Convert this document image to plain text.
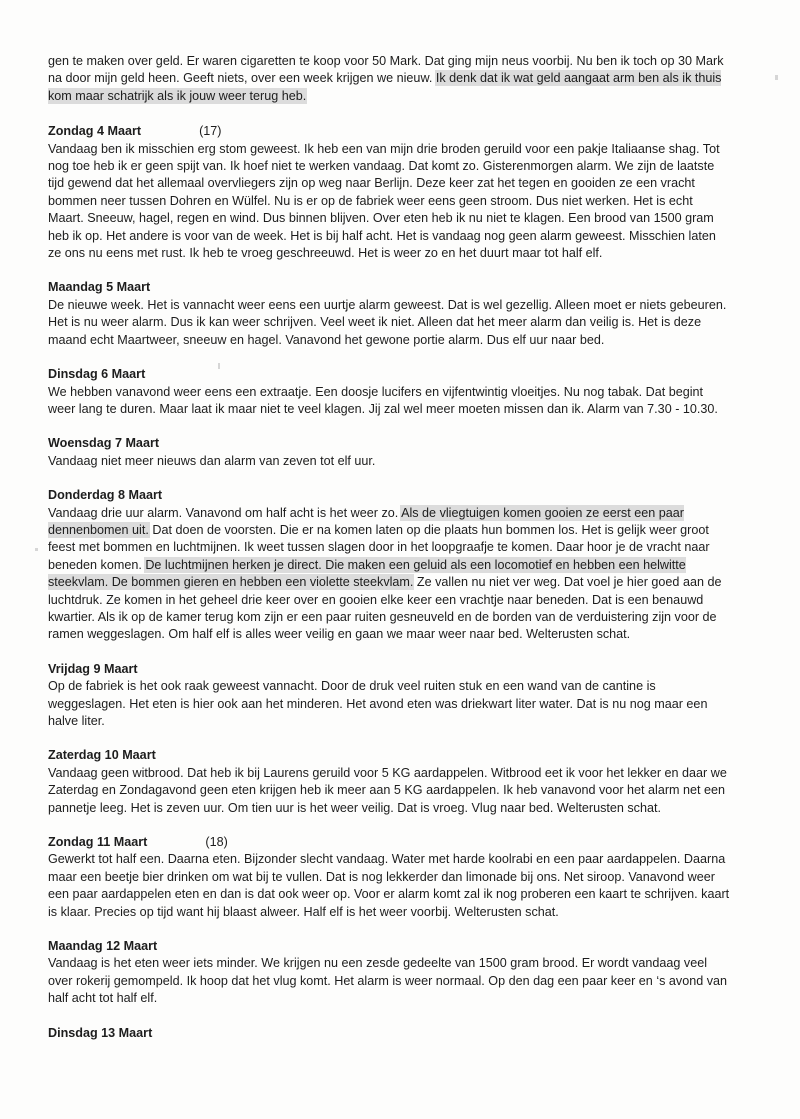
gen te maken over geld. Er waren cigaretten te koop voor 50 Mark. Dat ging mijn neus voorbij. Nu ben ik toch op 30 Mark na door mijn geld heen. Geeft niets, over een week krijgen we nieuw. Ik denk dat ik wat geld aangaat arm ben als ik thuis kom maar schatrijk als ik jouw weer terug heb.

Zondag 4 Maart	(17)

Vandaag ben ik misschien erg stom geweest. Ik heb een van mijn drie broden geruild voor een pakje Italiaanse shag. Tot nog toe heb ik er geen spijt van. Ik hoef niet te werken vandaag. Dat komt zo. Gisterenmorgen alarm. We zijn de laatste tijd gewend dat het allemaal overvliegers zijn op weg naar Berlijn. Deze keer zat het tegen en gooiden ze een vracht bommen neer tussen Dohren en Wülfel. Nu is er op de fabriek weer eens geen stroom. Dus niet werken. Het is echt Maart. Sneeuw, hagel, regen en wind. Dus binnen blijven. Over eten heb ik nu niet te klagen. Een brood van 1500 gram heb ik op. Het andere is voor van de week. Het is bij half acht. Het is vandaag nog geen alarm geweest. Misschien laten ze ons nu eens met rust. Ik heb te vroeg geschreeuwd. Het is weer zo en het duurt maar tot half elf.

Maandag 5 Maart

De nieuwe week. Het is vannacht weer eens een uurtje alarm geweest. Dat is wel gezellig. Alleen moet er niets gebeuren. Het is nu weer alarm. Dus ik kan weer schrijven. Veel weet ik niet. Alleen dat het meer alarm dan veilig is. Het is deze maand echt Maartweer, sneeuw en hagel. Vanavond het gewone portie alarm. Dus elf uur naar bed.

Dinsdag 6 Maart

We hebben vanavond weer eens een extraatje. Een doosje lucifers en vijfentwintig vloeitjes. Nu nog tabak. Dat begint weer lang te duren. Maar laat ik maar niet te veel klagen. Jij zal wel meer moeten missen dan ik. Alarm van 7.30 - 10.30.

Woensdag 7 Maart

Vandaag niet meer nieuws dan alarm van zeven tot elf uur.

Donderdag 8 Maart

Vandaag drie uur alarm. Vanavond om half acht is het weer zo. Als de vliegtuigen komen gooien ze eerst een paar dennenbomen uit. Dat doen de voorsten. Die er na komen laten op die plaats hun bommen los. Het is gelijk weer groot feest met bommen en luchtmijnen. Ik weet tussen slagen door in het loopgraafje te komen. Daar hoor je de vracht naar beneden komen. De luchtmijnen herken je direct. Die maken een geluid als een locomotief en hebben een helwitte steekvlam. De bommen gieren en hebben een violette steekvlam. Ze vallen nu niet ver weg. Dat voel je hier goed aan de luchtdruk. Ze komen in het geheel drie keer over en gooien elke keer een vrachtje naar beneden. Dat is een benauwd kwartier. Als ik op de kamer terug kom zijn er een paar ruiten gesneuveld en de borden van de verduistering zijn voor de ramen weggeslagen. Om half elf is alles weer veilig en gaan we maar weer naar bed. Welterusten schat.

Vrijdag 9 Maart

Op de fabriek is het ook raak geweest vannacht. Door de druk veel ruiten stuk en een wand van de cantine is weggeslagen. Het eten is hier ook aan het minderen. Het avond eten was driekwart liter water. Dat is nu nog maar een halve liter.

Zaterdag 10 Maart

Vandaag geen witbrood. Dat heb ik bij Laurens geruild voor 5 KG aardappelen. Witbrood eet ik voor het lekker en daar we Zaterdag en Zondagavond geen eten krijgen heb ik meer aan 5 KG aardappelen. Ik heb vanavond voor het alarm net een pannetje leeg. Het is zeven uur. Om tien uur is het weer veilig. Dat is vroeg. Vlug naar bed. Welterusten schat.

Zondag 11 Maart	(18)

Gewerkt tot half een. Daarna eten. Bijzonder slecht vandaag. Water met harde koolrabi en een paar aardappelen. Daarna maar een beetje bier drinken om wat bij te vullen. Dat is nog lekkerder dan limonade bij ons. Net siroop. Vanavond weer een paar aardappelen eten en dan is dat ook weer op. Voor er alarm komt zal ik nog proberen een kaart te schrijven. kaart is klaar. Precies op tijd want hij blaast alweer. Half elf is het weer voorbij. Welterusten schat.

Maandag 12 Maart

Vandaag is het eten weer iets minder. We krijgen nu een zesde gedeelte van 1500 gram brood. Er wordt vandaag veel over rokerij gemompeld. Ik hoop dat het vlug komt. Het alarm is weer normaal. Op den dag een paar keer en ‘s avond van half acht tot half elf.

Dinsdag 13 Maart
